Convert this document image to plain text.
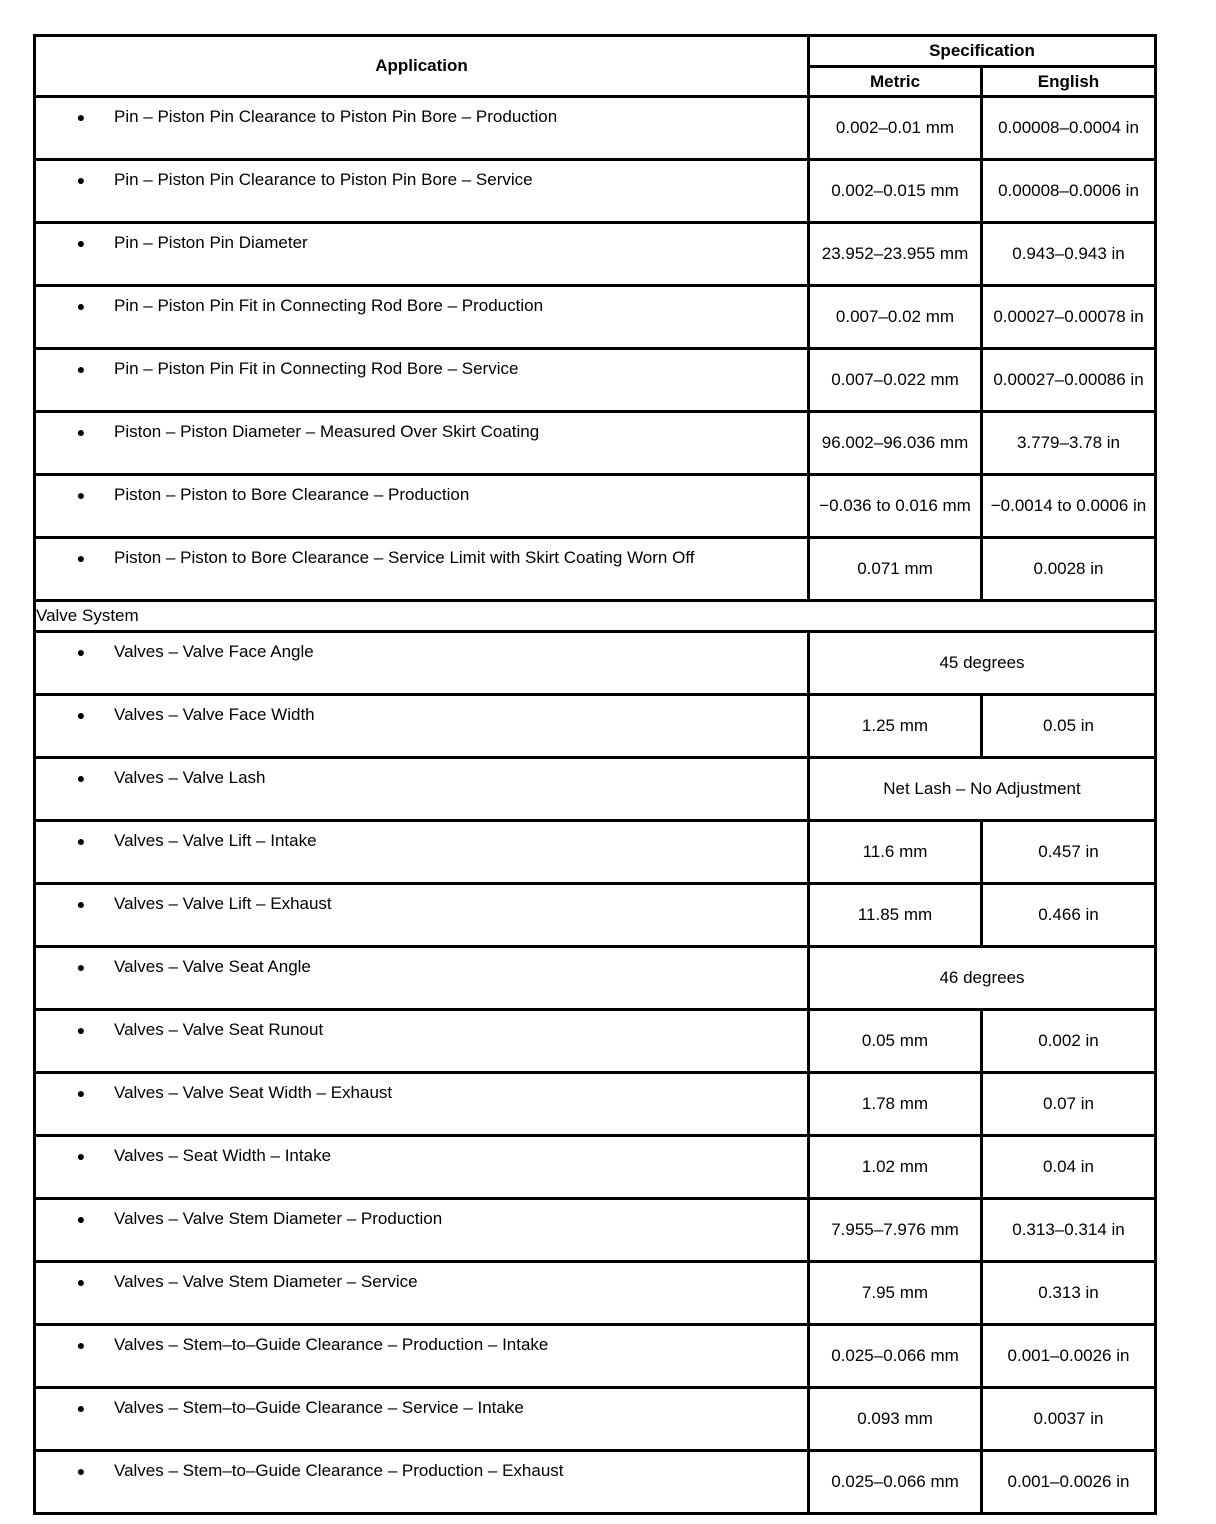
Application	Specification	
	Metric	English

● Pin – Piston Pin Clearance to Piston Pin Bore – Production	0.002–0.01 mm	0.00008–0.0004 in

● Pin – Piston Pin Clearance to Piston Pin Bore – Service	0.002–0.015 mm	0.00008–0.0006 in

● Pin – Piston Pin Diameter	23.952–23.955 mm	0.943–0.943 in

● Pin – Piston Pin Fit in Connecting Rod Bore – Production	0.007–0.02 mm	0.00027–0.00078 in

● Pin – Piston Pin Fit in Connecting Rod Bore – Service	0.007–0.022 mm	0.00027–0.00086 in

● Piston – Piston Diameter – Measured Over Skirt Coating	96.002–96.036 mm	3.779–3.78 in

● Piston – Piston to Bore Clearance – Production	−0.036 to 0.016 mm	−0.0014 to 0.0006 in

● Piston – Piston to Bore Clearance – Service Limit with Skirt Coating Worn Off	0.071 mm	0.0028 in
Valve System		

● Valves – Valve Face Angle	45 degrees	

● Valves – Valve Face Width	1.25 mm	0.05 in

● Valves – Valve Lash	Net Lash – No Adjustment	

● Valves – Valve Lift – Intake	11.6 mm	0.457 in

● Valves – Valve Lift – Exhaust	11.85 mm	0.466 in

● Valves – Valve Seat Angle	46 degrees	

● Valves – Valve Seat Runout	0.05 mm	0.002 in

● Valves – Valve Seat Width – Exhaust	1.78 mm	0.07 in

● Valves – Seat Width – Intake	1.02 mm	0.04 in

● Valves – Valve Stem Diameter – Production	7.955–7.976 mm	0.313–0.314 in

● Valves – Valve Stem Diameter – Service	7.95 mm	0.313 in

● Valves – Stem–to–Guide Clearance – Production – Intake	0.025–0.066 mm	0.001–0.0026 in

● Valves – Stem–to–Guide Clearance – Service – Intake	0.093 mm	0.0037 in

● Valves – Stem–to–Guide Clearance – Production – Exhaust	0.025–0.066 mm	0.001–0.0026 in
